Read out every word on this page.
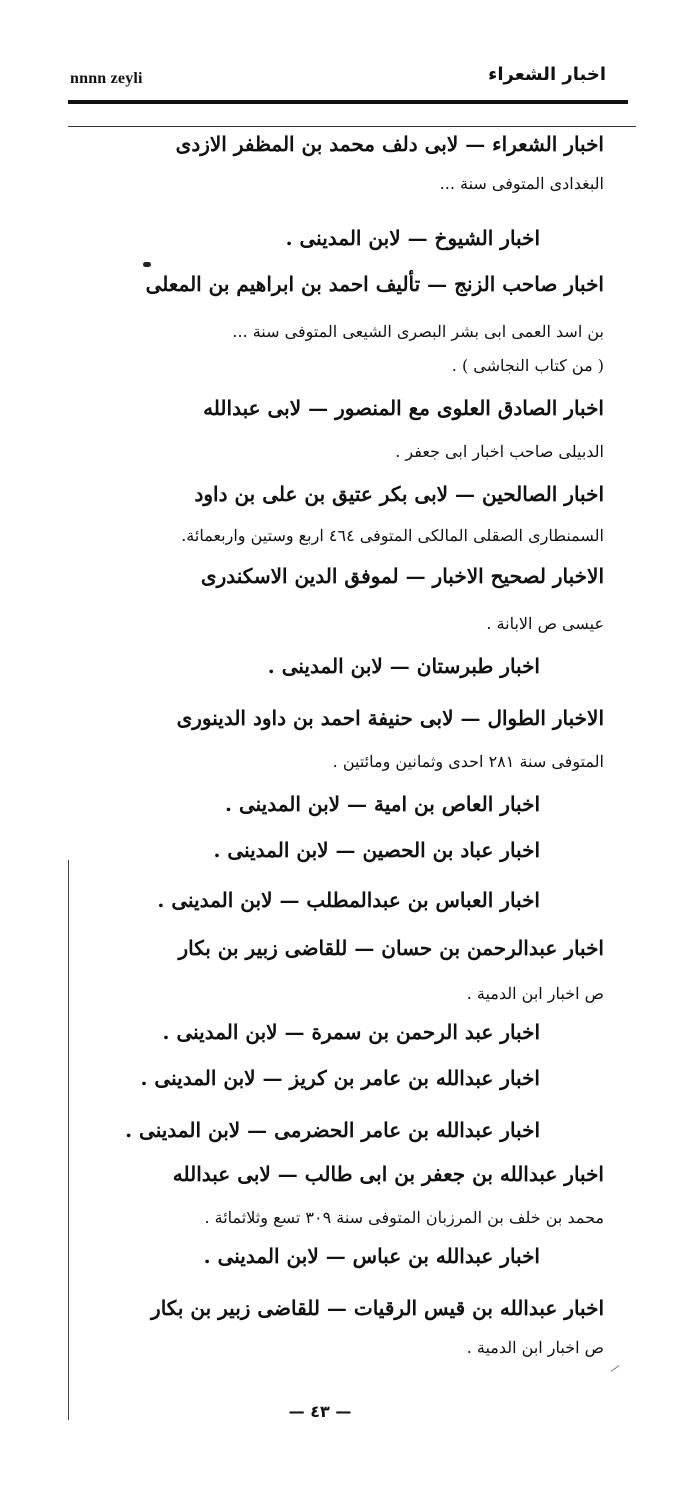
nnnn zeyli	اخبار الشعراء
اخبار الشعراء — لابى دلف محمد بن المظفر الازدى
البغدادى المتوفى سنة ...
اخبار الشيوخ — لابن المدينى .
اخبار صاحب الزنج — تأليف احمد بن ابراهيم بن المعلى
بن اسد العمى ابى بشر البصرى الشيعى المتوفى سنة ...
( من كتاب النجاشى ) .
اخبار الصادق العلوى مع المنصور — لابى عبدالله
الدبيلى صاحب اخبار ابى جعفر .
اخبار الصالحين — لابى بكر عتيق بن على بن داود
السمنطارى الصقلى المالكى المتوفى ٤٦٤ اربع وستين واربعمائة.
الاخبار لصحيح الاخبار — لموفق الدين الاسكندرى
عيسى ص الابانة .
اخبار طبرستان — لابن المدينى .
الاخبار الطوال — لابى حنيفة احمد بن داود الدينورى
المتوفى سنة ٢٨١ احدى وثمانين ومائتين .
اخبار العاص بن امية — لابن المدينى .
اخبار عباد بن الحصين — لابن المدينى .
اخبار العباس بن عبدالمطلب — لابن المدينى .
اخبار عبدالرحمن بن حسان — للقاضى زبير بن بكار
ص اخبار ابن الدمية .
اخبار عبد الرحمن بن سمرة — لابن المدينى .
اخبار عبدالله بن عامر بن كريز — لابن المدينى .
اخبار عبدالله بن عامر الحضرمى — لابن المدينى .
اخبار عبدالله بن جعفر بن ابى طالب — لابى عبدالله
محمد بن خلف بن المرزبان المتوفى سنة ٣٠٩ تسع وثلاثمائة .
اخبار عبدالله بن عباس — لابن المدينى .
اخبار عبدالله بن قيس الرقيات — للقاضى زبير بن بكار
ص اخبار ابن الدمية .
— ٤٣ —
